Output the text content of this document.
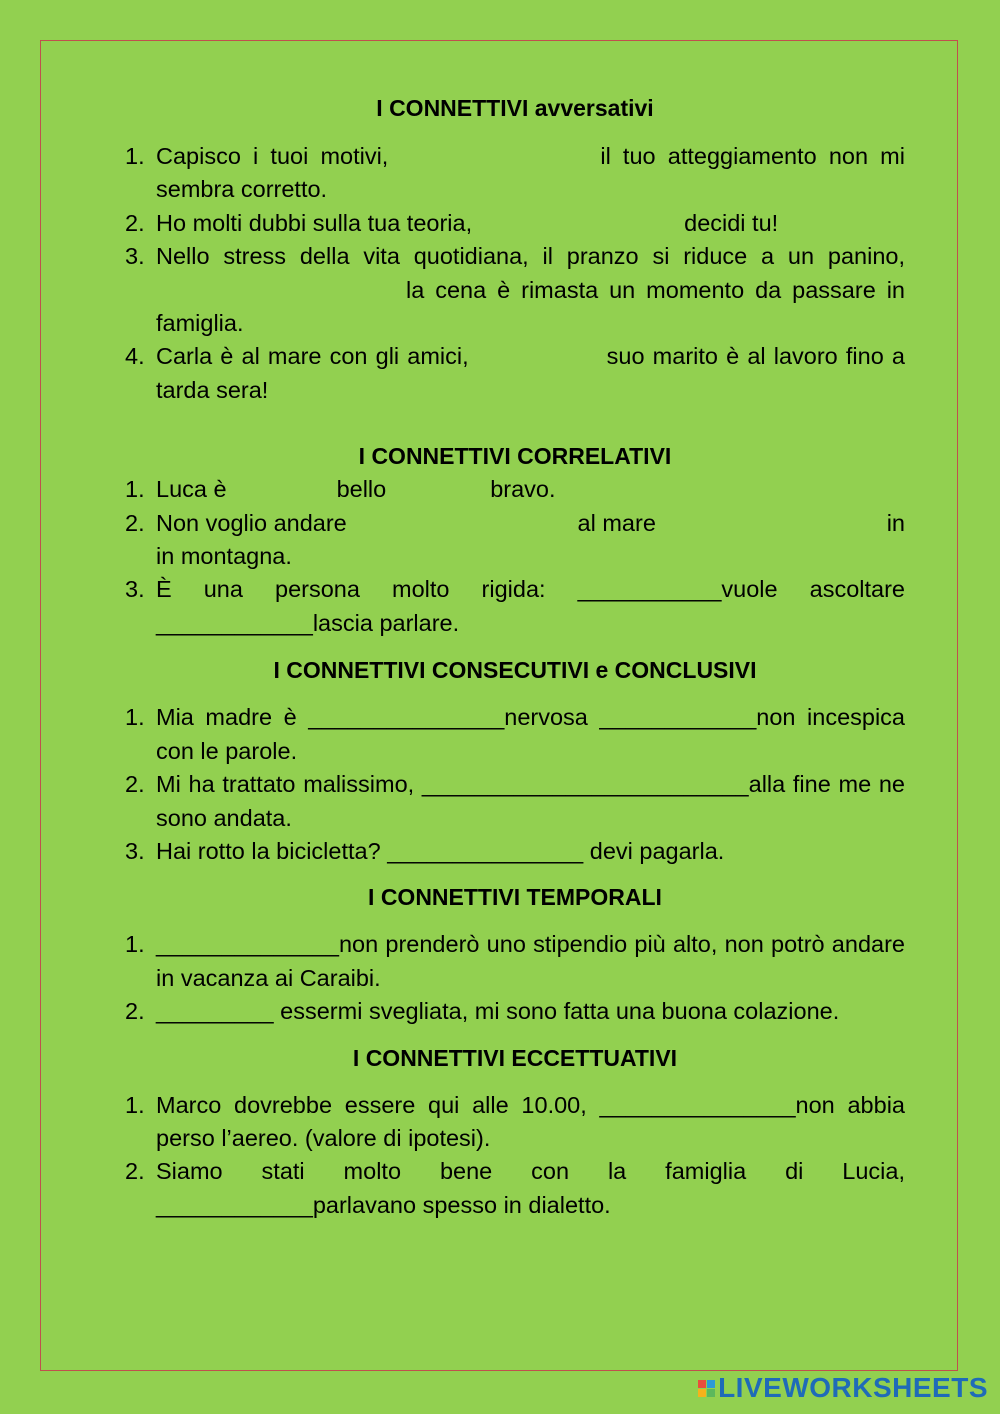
I CONNETTIVI avversativi
1. Capisco i tuoi motivi,	il tuo atteggiamento non mi sembra corretto.
2. Ho molti dubbi sulla tua teoria,	decidi tu!
3. Nello stress della vita quotidiana, il pranzo si riduce a un panino,la cena è rimasta un momento da passare in famiglia.
4. Carla è al mare con gli amici,	suo marito è al lavoro fino a tarda sera!
I CONNETTIVI CORRELATIVI
1. Luca è	bello	bravo.
2. Non voglio andare	al mare	in
in montagna.
3. È una persona molto rigida: ___________vuole ascoltare ____________lascia parlare.
I CONNETTIVI CONSECUTIVI e CONCLUSIVI
1. Mia madre è _______________nervosa ____________non incespica con le parole.
2. Mi ha trattato malissimo, _________________________alla fine me ne sono andata.
3. Hai rotto la bicicletta? _______________ devi pagarla.
I CONNETTIVI TEMPORALI
1. ______________non prenderò uno stipendio più alto, non potrò andare in vacanza ai Caraibi.
2. _________ essermi svegliata, mi sono fatta una buona colazione.
I CONNETTIVI ECCETTUATIVI
1. Marco dovrebbe essere qui alle 10.00, _______________non abbia perso l’aereo. (valore di ipotesi).
2. Siamo stati molto bene con la famiglia di Lucia, ____________parlavano spesso in dialetto.
LIVEWORKSHEETS
